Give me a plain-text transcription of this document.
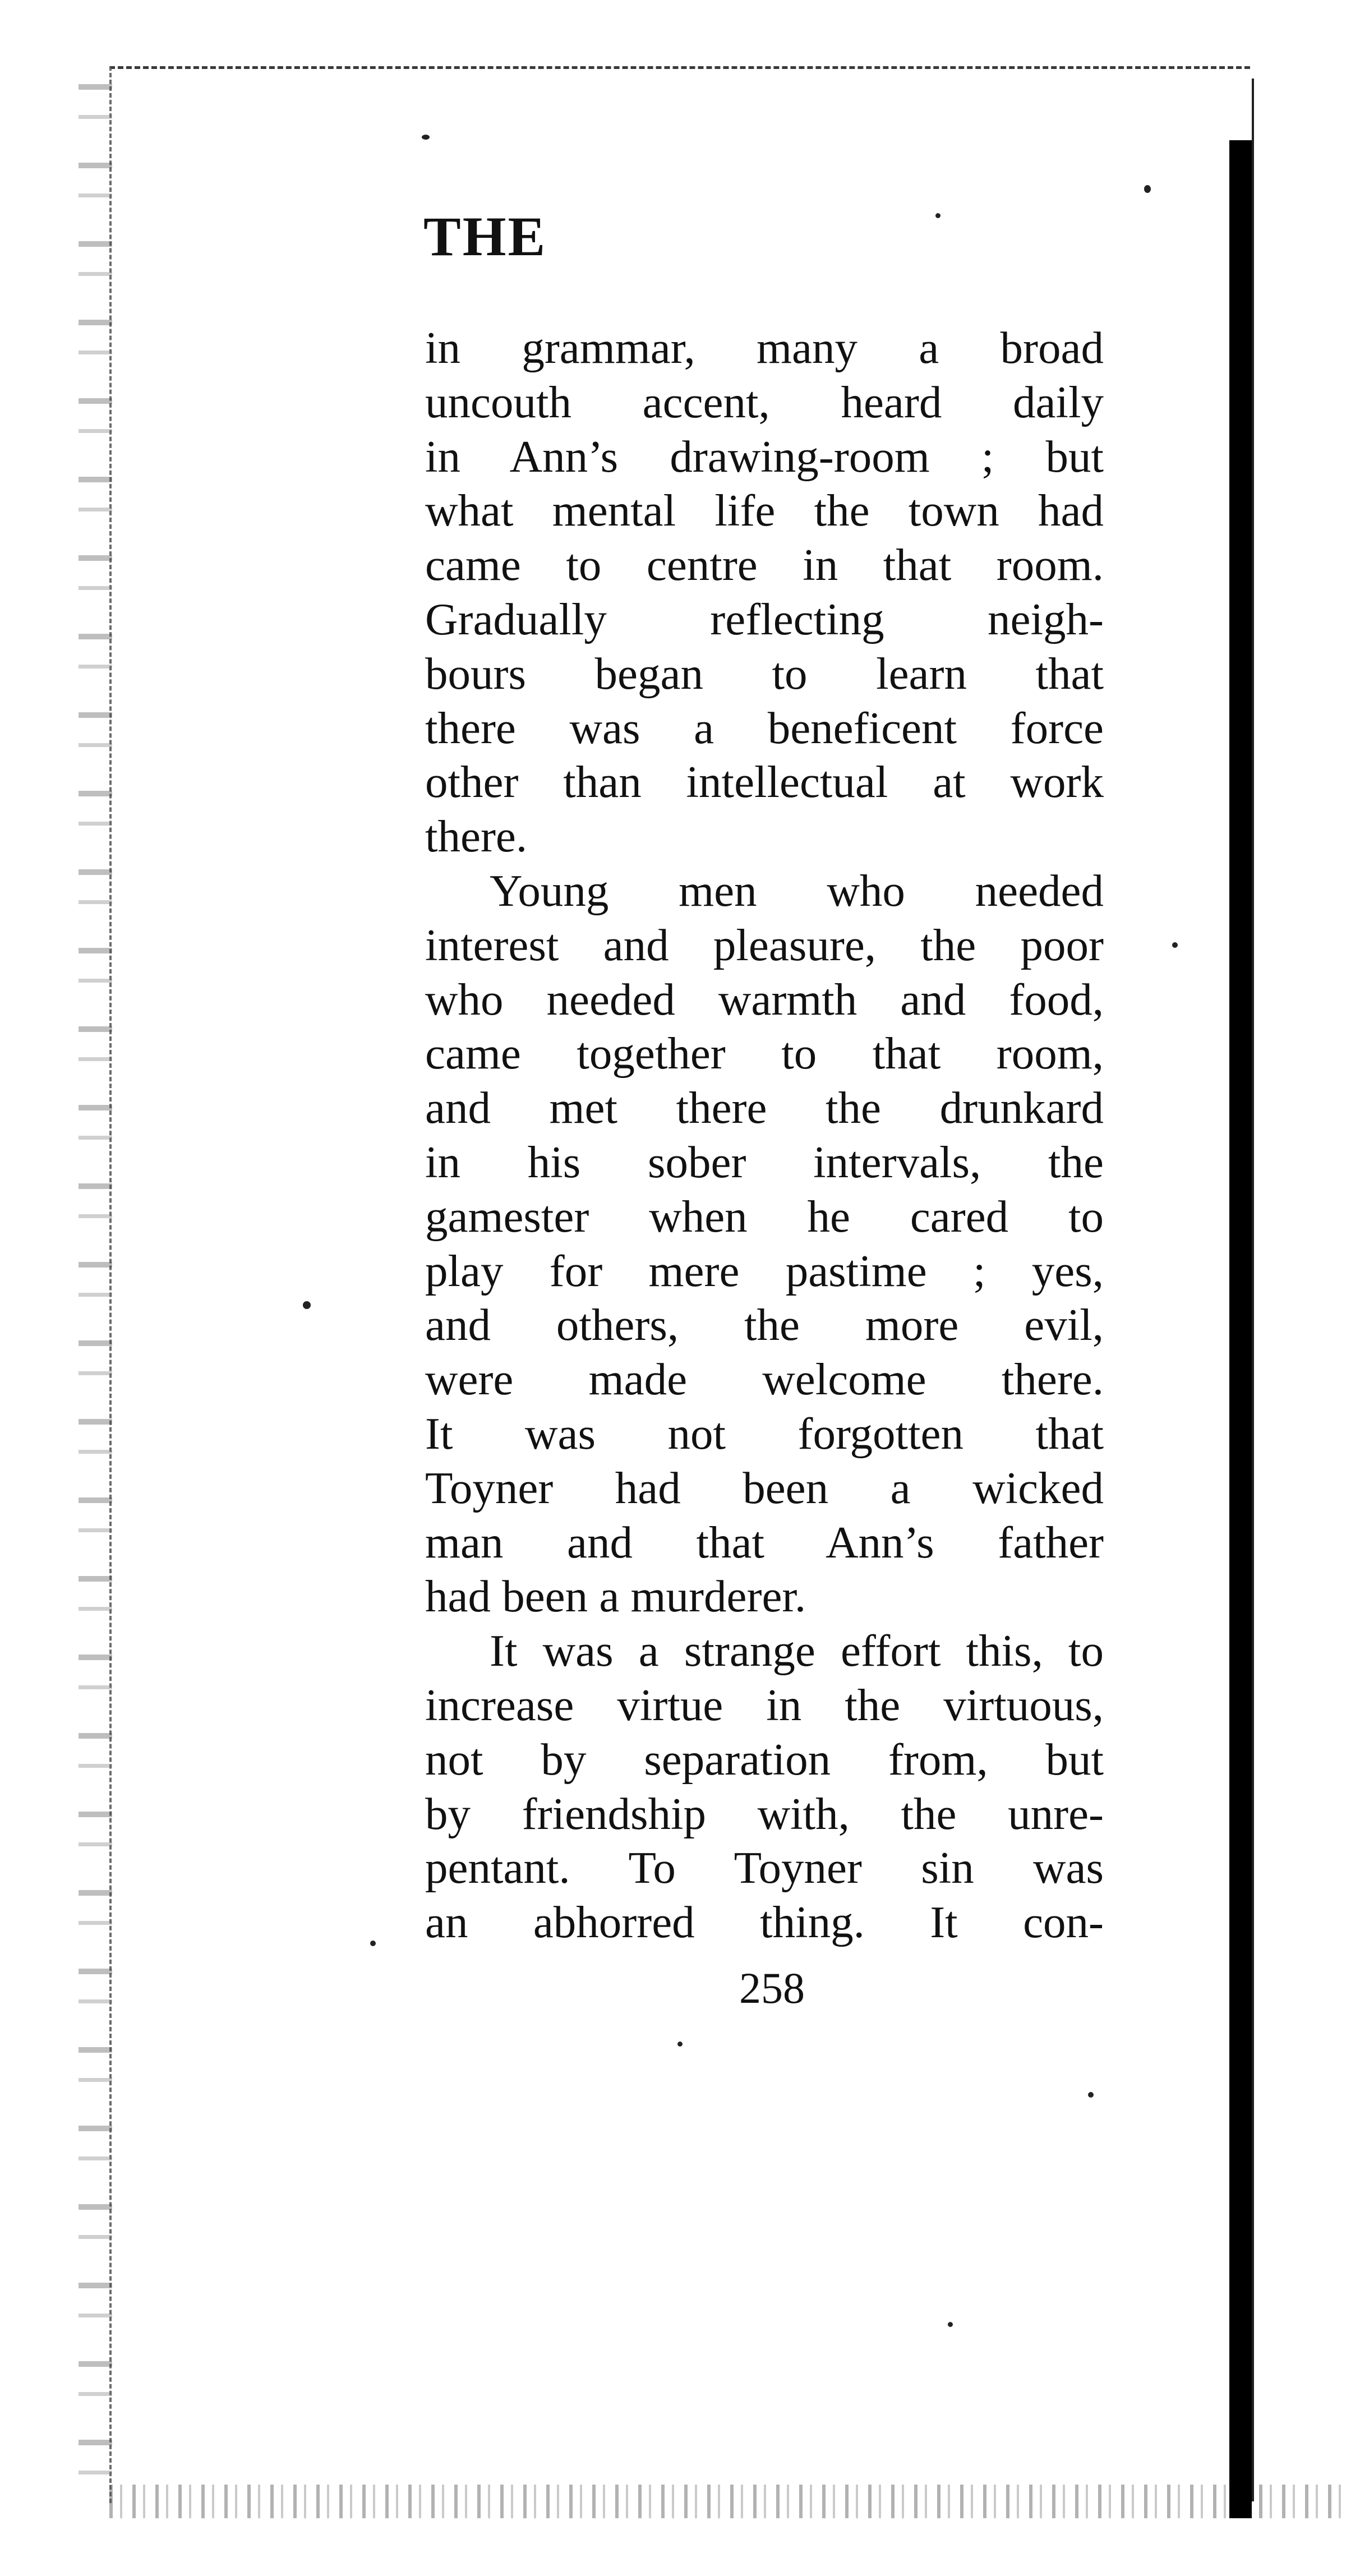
THE
in grammar, many a broad
uncouth accent, heard daily
in Ann’s drawing-room ; but
what mental life the town had
came to centre in that room.
Gradually reflecting neigh-
bours began to learn that
there was a beneficent force
other than intellectual at work
there.
Young men who needed
interest and pleasure, the poor
who needed warmth and food,
came together to that room,
and met there the drunkard
in his sober intervals, the
gamester when he cared to
play for mere pastime ; yes,
and others, the more evil,
were made welcome there.
It was not forgotten that
Toyner had been a wicked
man and that Ann’s father
had been a murderer.
It was a strange effort this, to
increase virtue in the virtuous,
not by separation from, but
by friendship with, the unre-
pentant. To Toyner sin was
an abhorred thing. It con-

258
